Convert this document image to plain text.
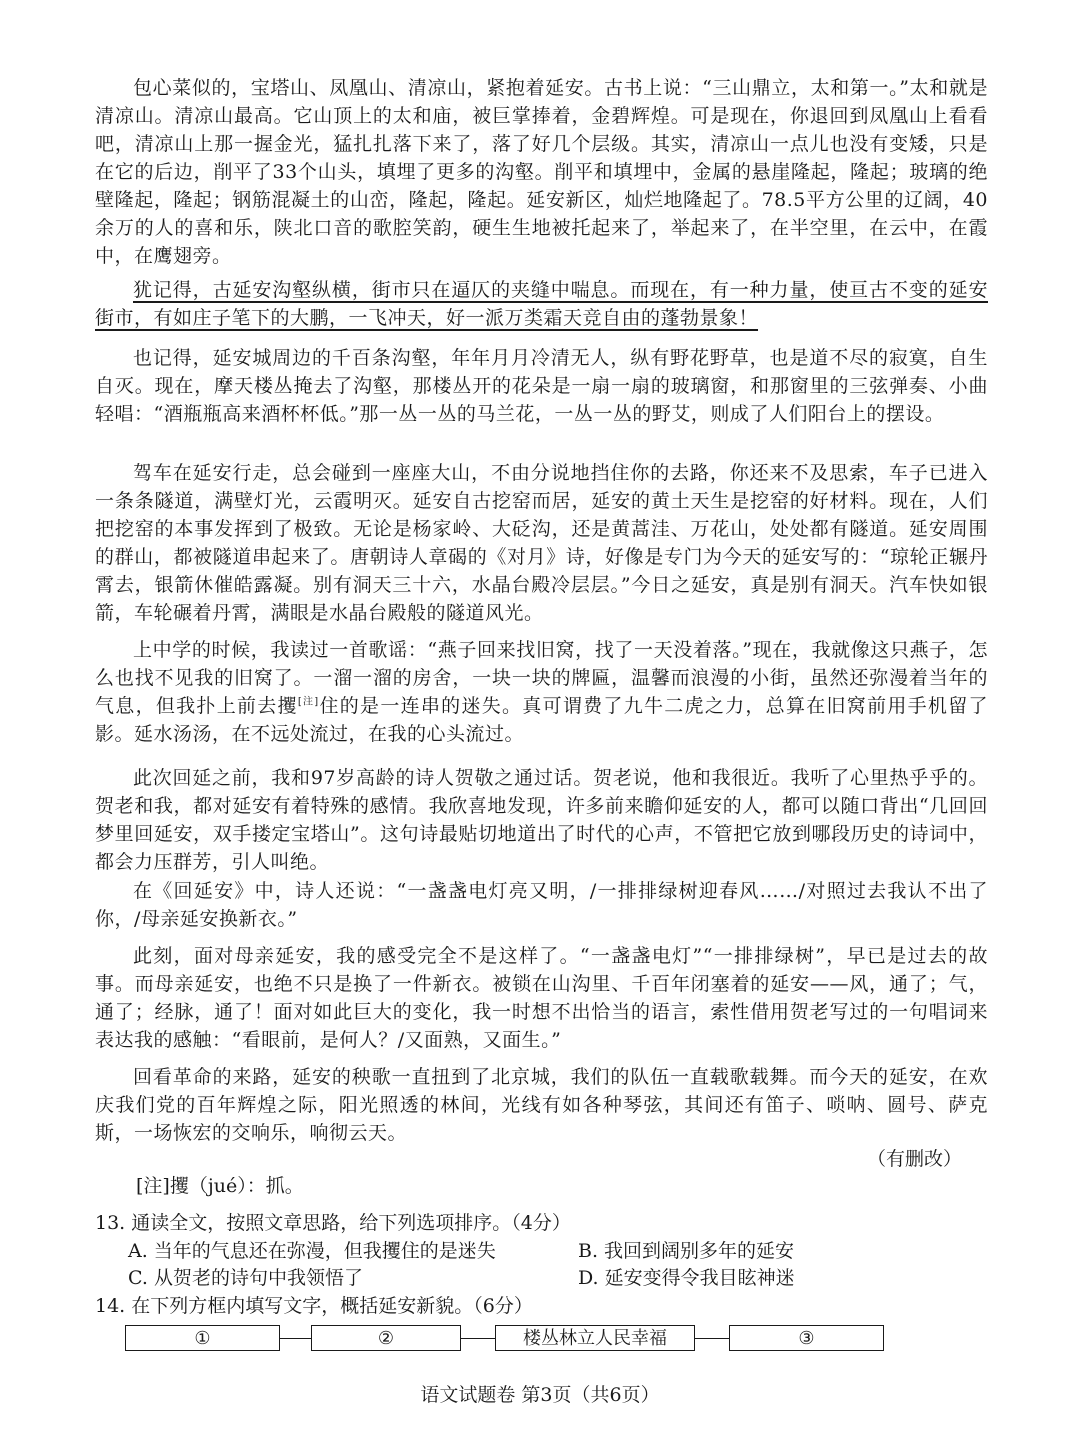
包心菜似的，宝塔山、凤凰山、清凉山，紧抱着延安。古书上说：“三山鼎立，太和第一。”太和就是清凉山。清凉山最高。它山顶上的太和庙，被巨掌捧着，金碧辉煌。可是现在，你退回到凤凰山上看看吧，清凉山上那一握金光，猛扎扎落下来了，落了好几个层级。其实，清凉山一点儿也没有变矮，只是在它的后边，削平了33个山头，填埋了更多的沟壑。削平和填埋中，金属的悬崖隆起，隆起；玻璃的绝壁隆起，隆起；钢筋混凝土的山峦，隆起，隆起。延安新区，灿烂地隆起了。78.5平方公里的辽阔，40余万的人的喜和乐，陕北口音的歌腔笑韵，硬生生地被托起来了，举起来了，在半空里，在云中，在霞中，在鹰翅旁。

犹记得，古延安沟壑纵横，街市只在逼仄的夹缝中喘息。而现在，有一种力量，使亘古不变的延安街市，有如庄子笔下的大鹏，一飞冲天，好一派万类霜天竞自由的蓬勃景象！

也记得，延安城周边的千百条沟壑，年年月月冷清无人，纵有野花野草，也是道不尽的寂寞，自生自灭。现在，摩天楼丛掩去了沟壑，那楼丛开的花朵是一扇一扇的玻璃窗，和那窗里的三弦弹奏、小曲轻唱：“酒瓶瓶高来酒杯杯低。”那一丛一丛的马兰花，一丛一丛的野艾，则成了人们阳台上的摆设。

驾车在延安行走，总会碰到一座座大山，不由分说地挡住你的去路，你还来不及思索，车子已进入一条条隧道，满壁灯光，云霞明灭。延安自古挖窑而居，延安的黄土天生是挖窑的好材料。现在，人们把挖窑的本事发挥到了极致。无论是杨家岭、大砭沟，还是黄蒿洼、万花山，处处都有隧道。延安周围的群山，都被隧道串起来了。唐朝诗人章碣的《对月》诗，好像是专门为今天的延安写的：“琼轮正辗丹霄去，银箭休催皓露凝。别有洞天三十六，水晶台殿冷层层。”今日之延安，真是别有洞天。汽车快如银箭，车轮碾着丹霄，满眼是水晶台殿般的隧道风光。

上中学的时候，我读过一首歌谣：“燕子回来找旧窝，找了一天没着落。”现在，我就像这只燕子，怎么也找不见我的旧窝了。一溜一溜的房舍，一块一块的牌匾，温馨而浪漫的小街，虽然还弥漫着当年的气息，但我扑上前去攫[注]住的是一连串的迷失。真可谓费了九牛二虎之力，总算在旧窝前用手机留了影。延水汤汤，在不远处流过，在我的心头流过。

此次回延之前，我和97岁高龄的诗人贺敬之通过话。贺老说，他和我很近。我听了心里热乎乎的。贺老和我，都对延安有着特殊的感情。我欣喜地发现，许多前来瞻仰延安的人，都可以随口背出“几回回梦里回延安，双手搂定宝塔山”。这句诗最贴切地道出了时代的心声，不管把它放到哪段历史的诗词中，都会力压群芳，引人叫绝。

在《回延安》中，诗人还说：“一盏盏电灯亮又明，/一排排绿树迎春风……/对照过去我认不出了你，/母亲延安换新衣。”

此刻，面对母亲延安，我的感受完全不是这样了。“一盏盏电灯”“一排排绿树”，早已是过去的故事。而母亲延安，也绝不只是换了一件新衣。被锁在山沟里、千百年闭塞着的延安——风，通了；气，通了；经脉，通了！面对如此巨大的变化，我一时想不出恰当的语言，索性借用贺老写过的一句唱词来表达我的感触：“看眼前，是何人？/又面熟，又面生。”

回看革命的来路，延安的秧歌一直扭到了北京城，我们的队伍一直载歌载舞。而今天的延安，在欢庆我们党的百年辉煌之际，阳光照透的林间，光线有如各种琴弦，其间还有笛子、唢呐、圆号、萨克斯，一场恢宏的交响乐，响彻云天。

（有删改）
[注]攫（jué）：抓。
13. 通读全文，按照文章思路，给下列选项排序。（4分）
A. 当年的气息还在弥漫，但我攫住的是迷失	B. 我回到阔别多年的延安
C. 从贺老的诗句中我领悟了	D. 延安变得令我目眩神迷
14. 在下列方框内填写文字，概括延安新貌。（6分）
①	②	楼丛林立人民幸福	③
语文试题卷 第3页（共6页）
